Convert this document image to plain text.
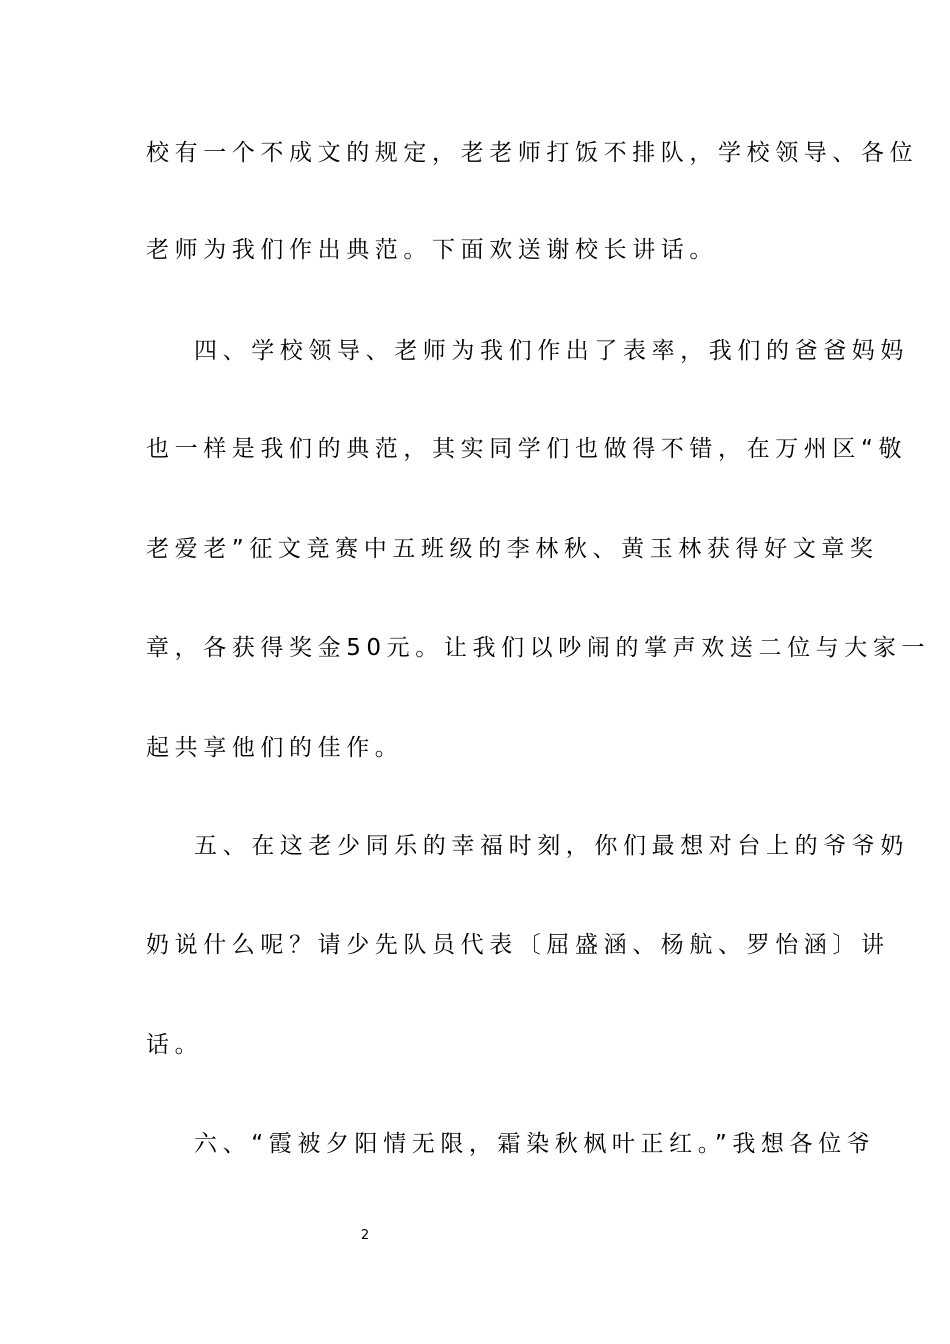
校有一个不成文的规定，老老师打饭不排队，学校领导、各位
老师为我们作出典范。下面欢送谢校长讲话。
四、学校领导、老师为我们作出了表率，我们的爸爸妈妈
也一样是我们的典范，其实同学们也做得不错，在万州区“敬
老爱老”征文竞赛中五班级的李林秋、黄玉林获得好文章奖
章，各获得奖金50元。让我们以吵闹的掌声欢送二位与大家一
起共享他们的佳作。
五、在这老少同乐的幸福时刻，你们最想对台上的爷爷奶
奶说什么呢？请少先队员代表〔屈盛涵、杨航、罗怡涵〕讲
话。
六、“霞被夕阳情无限，霜染秋枫叶正红。”我想各位爷
2
